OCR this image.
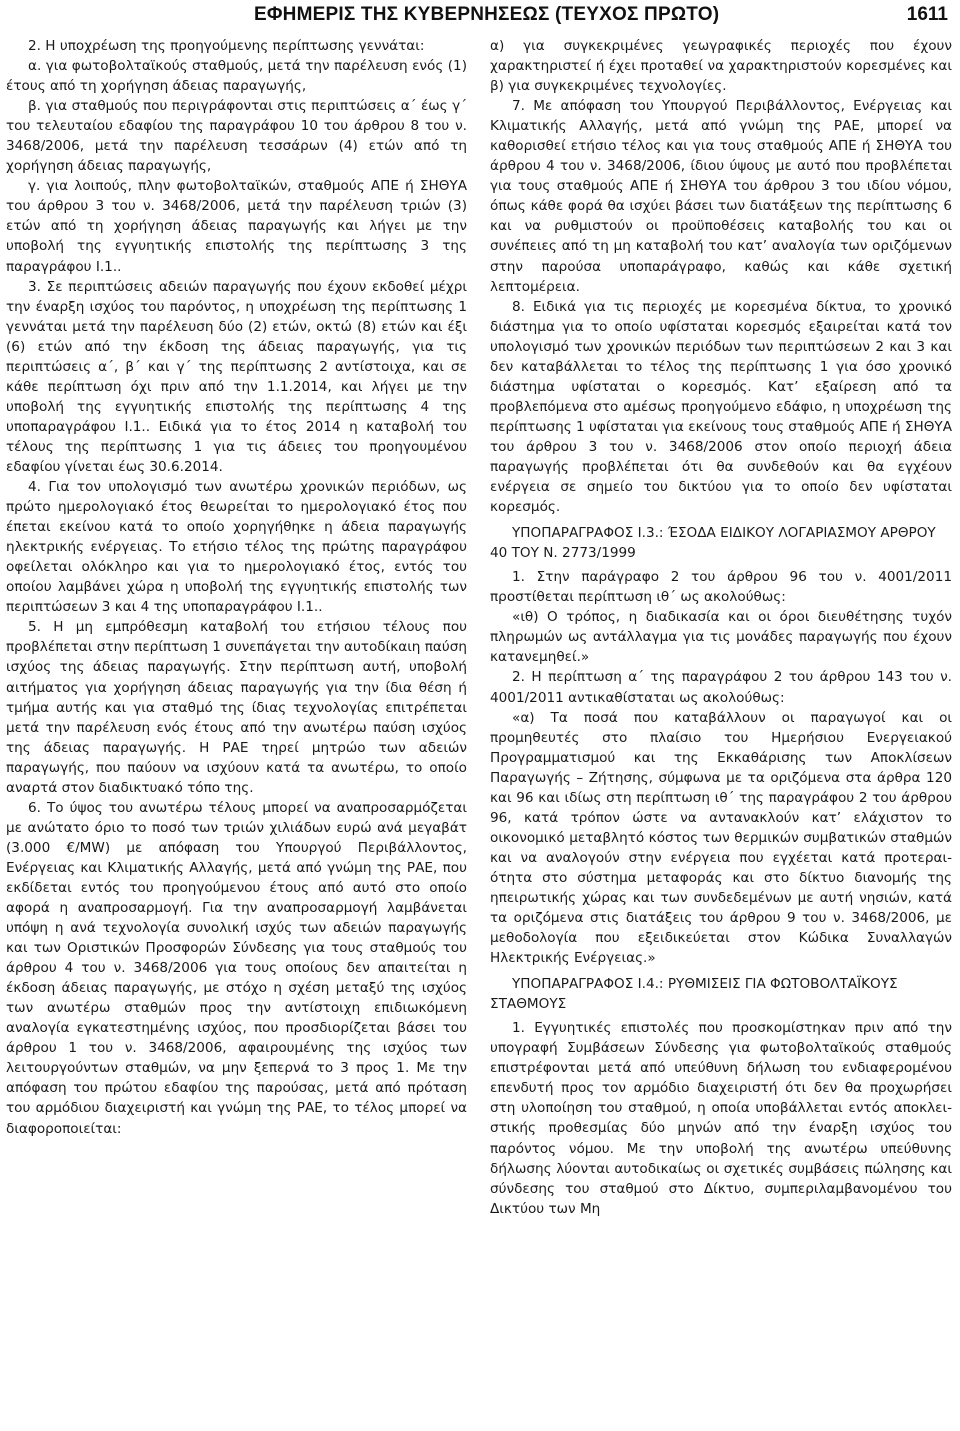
ΕΦΗΜΕΡΙΣ ΤΗΣ ΚΥΒΕΡΝΗΣΕΩΣ (ΤΕΥΧΟΣ ΠΡΩΤΟ)	1611

2. Η υποχρέωση της προηγούμενης περίπτωσης γεννάται:

α. για φωτοβολταϊκούς σταθμούς, μετά την παρέλευση ενός (1) έτους από τη χορήγηση άδειας παραγωγής,

β. για σταθμούς που περιγράφονται στις περιπτώσεις α΄ έως γ΄ του τελευταίου εδαφίου της παραγράφου 10 του άρθρου 8 του ν. 3468/2006, μετά την παρέλευση τεσσάρων (4) ετών από τη χορήγηση άδειας παραγωγής,

γ. για λοιπούς, πλην φωτοβολταϊκών, σταθμούς ΑΠΕ ή ΣΗΘΥΑ του άρθρου 3 του ν. 3468/2006, μετά την παρέλευση τριών (3) ετών από τη χορήγηση άδειας παραγωγής και λήγει με την υποβολή της εγγυητικής επιστολής της περίπτωσης 3 της παραγράφου Ι.1..

3. Σε περιπτώσεις αδειών παραγωγής που έχουν εκδοθεί μέχρι την έναρξη ισχύος του παρόντος, η υποχρέωση της περίπτωσης 1 γεννάται μετά την παρέλευση δύο (2) ετών, οκτώ (8) ετών και έξι (6) ετών από την έκδοση της άδειας παραγωγής, για τις περιπτώσεις α΄, β΄ και γ΄ της περίπτωσης 2 αντίστοιχα, και σε κάθε περίπτωση όχι πριν από την 1.1.2014, και λήγει με την υποβολή της εγγυητικής επιστολής της περίπτωσης 4 της υποπαραγράφου Ι.1.. Ειδικά για το έτος 2014 η καταβολή του τέλους της περίπτωσης 1 για τις άδειες του προηγουμένου εδαφίου γίνεται έως 30.6.2014.

4. Για τον υπολογισμό των ανωτέρω χρονικών περιόδων, ως πρώτο ημερολογιακό έτος θεωρείται το ημερολογιακό έτος που έπεται εκείνου κατά το οποίο χορηγήθηκε η άδεια παραγωγής ηλεκτρικής ενέργειας. Το ετήσιο τέλος της πρώτης παραγράφου οφείλεται ολόκληρο και για το ημερολογιακό έτος, εντός του οποίου λαμβάνει χώρα η υποβολή της εγγυητικής επιστολής των περιπτώσεων 3 και 4 της υποπαραγράφου Ι.1..

5. Η μη εμπρόθεσμη καταβολή του ετήσιου τέλους που προβλέπεται στην περίπτωση 1 συνεπάγεται την αυτοδίκαιη παύση ισχύος της άδειας παραγωγής. Στην περίπτωση αυτή, υποβολή αιτήματος για χορήγηση άδειας παραγωγής για την ίδια θέση ή τμήμα αυτής και για σταθμό της ίδιας τεχνολογίας επιτρέπεται μετά την παρέλευση ενός έτους από την ανωτέρω παύση ισχύος της άδειας παραγωγής. Η ΡΑΕ τηρεί μητρώο των αδειών παραγωγής, που παύουν να ισχύουν κατά τα ανωτέρω, το οποίο αναρτά στον διαδικτυακό τόπο της.

6. Το ύψος του ανωτέρω τέλους μπορεί να αναπροσαρμόζεται με ανώτατο όριο το ποσό των τριών χιλιάδων ευρώ ανά μεγαβάτ (3.000 €/MW) με απόφαση του Υπουργού Περιβάλλοντος, Ενέργειας και Κλιματικής Αλλαγής, μετά από γνώμη της ΡΑΕ, που εκδίδεται εντός του προηγούμενου έτους από αυτό στο οποίο αφορά η αναπροσαρμογή. Για την αναπροσαρμογή λαμβάνεται υπόψη η ανά τεχνολογία συνολική ισχύς των αδειών παραγωγής και των Οριστικών Προσφορών Σύνδεσης για τους σταθμούς του άρθρου 4 του ν. 3468/2006 για τους οποίους δεν απαιτείται η έκδοση άδειας παραγωγής, με στόχο η σχέση μεταξύ της ισχύος των ανωτέρω σταθμών προς την αντίστοιχη επιδιωκόμενη αναλογία εγκατεστημένης ισχύος, που προσδιορίζεται βάσει του άρθρου 1 του ν. 3468/2006, αφαιρουμένης της ισχύος των λειτουργούντων σταθμών, να μην ξεπερνά το 3 προς 1. Με την απόφαση του πρώτου εδαφίου της παρούσας, μετά από πρόταση του αρμόδιου διαχειριστή και γνώμη της ΡΑΕ, το τέλος μπορεί να διαφοροποιείται:

α) για συγκεκριμένες γεωγραφικές περιοχές που έχουν χαρακτηριστεί ή έχει προταθεί να χαρακτηριστούν κορεσμένες και β) για συγκεκριμένες τεχνολογίες.

7. Με απόφαση του Υπουργού Περιβάλλοντος, Ενέργειας και Κλιματικής Αλλαγής, μετά από γνώμη της ΡΑΕ, μπορεί να καθορισθεί ετήσιο τέλος και για τους σταθμούς ΑΠΕ ή ΣΗΘΥΑ του άρθρου 4 του ν. 3468/2006, ίδιου ύψους με αυτό που προβλέπεται για τους σταθμούς ΑΠΕ ή ΣΗΘΥΑ του άρθρου 3 του ιδίου νόμου, όπως κάθε φορά θα ισχύει βάσει των διατάξεων της περίπτωσης 6 και να ρυθμιστούν οι προϋποθέσεις καταβολής του και οι συνέπειες από τη μη καταβολή του κατ’ αναλογία των οριζόμενων στην παρούσα υποπαράγραφο, καθώς και κάθε σχετική λεπτομέρεια.

8. Ειδικά για τις περιοχές με κορεσμένα δίκτυα, το χρονικό διάστημα για το οποίο υφίσταται κορεσμός εξαιρείται κατά τον υπολογισμό των χρονικών περιόδων των περιπτώσεων 2 και 3 και δεν καταβάλλεται το τέλος της περίπτωσης 1 για όσο χρονικό διάστημα υφίσταται ο κορεσμός. Κατ’ εξαίρεση από τα προβλεπόμενα στο αμέσως προηγούμενο εδάφιο, η υποχρέωση της περίπτωσης 1 υφίσταται για εκείνους τους σταθμούς ΑΠΕ ή ΣΗΘΥΑ του άρθρου 3 του ν. 3468/2006 στον οποίο περιοχή άδεια παραγωγής προβλέπεται ότι θα συνδεθούν και θα εγχέουν ενέργεια σε σημείο του δικτύου για το οποίο δεν υφίσταται κορεσμός.

ΥΠΟΠΑΡΑΓΡΑΦΟΣ Ι.3.: ΈΣΟΔΑ ΕΙΔΙΚΟΥ ΛΟΓΑΡΙΑΣΜΟΥ ΑΡΘΡΟΥ 40 ΤΟΥ Ν. 2773/1999

1. Στην παράγραφο 2 του άρθρου 96 του ν. 4001/2011 προστίθεται περίπτωση ιθ΄ ως ακολούθως:

«ιθ) Ο τρόπος, η διαδικασία και οι όροι διευθέτησης τυχόν πληρωμών ως αντάλλαγμα για τις μονάδες παραγωγής που έχουν κατανεμηθεί.»

2. Η περίπτωση α΄ της παραγράφου 2 του άρθρου 143 του ν. 4001/2011 αντικαθίσταται ως ακολούθως:

«α) Τα ποσά που καταβάλλουν οι παραγωγοί και οι προμηθευτές στο πλαίσιο του Ημερήσιου Ενεργειακού Προγραμματισμού και της Εκκαθάρισης των Αποκλίσεων Παραγωγής – Ζήτησης, σύμφωνα με τα οριζόμενα στα άρθρα 120 και 96 και ιδίως στη περίπτωση ιθ΄ της παραγράφου 2 του άρθρου 96, κατά τρόπον ώστε να αντανακλούν κατ’ ελάχιστον το οικονομικό μεταβλητό κόστος των θερμικών συμβατικών σταθμών και να αναλογούν στην ενέργεια που εγχέεται κατά προτεραιότητα στο σύστημα μεταφοράς και στο δίκτυο διανομής της ηπειρωτικής χώρας και των συνδεδεμένων με αυτή νησιών, κατά τα οριζόμενα στις διατάξεις του άρθρου 9 του ν. 3468/2006, με μεθοδολογία που εξειδικεύεται στον Κώδικα Συναλλαγών Ηλεκτρικής Ενέργειας.»

ΥΠΟΠΑΡΑΓΡΑΦΟΣ Ι.4.: ΡΥΘΜΙΣΕΙΣ ΓΙΑ ΦΩΤΟΒΟΛΤΑΪΚΟΥΣ ΣΤΑΘΜΟΥΣ

1. Εγγυητικές επιστολές που προσκομίστηκαν πριν από την υπογραφή Συμβάσεων Σύνδεσης για φωτοβολταϊκούς σταθμούς επιστρέφονται μετά από υπεύθυνη δήλωση του ενδιαφερομένου επενδυτή προς τον αρμόδιο διαχειριστή ότι δεν θα προχωρήσει στη υλοποίηση του σταθμού, η οποία υποβάλλεται εντός αποκλειστικής προθεσμίας δύο μηνών από την έναρξη ισχύος του παρόντος νόμου. Με την υποβολή της ανωτέρω υπεύθυνης δήλωσης λύονται αυτοδικαίως οι σχετικές συμβάσεις πώλησης και σύνδεσης του σταθμού στο Δίκτυο, συμπεριλαμβανομένου του Δικτύου των Μη
